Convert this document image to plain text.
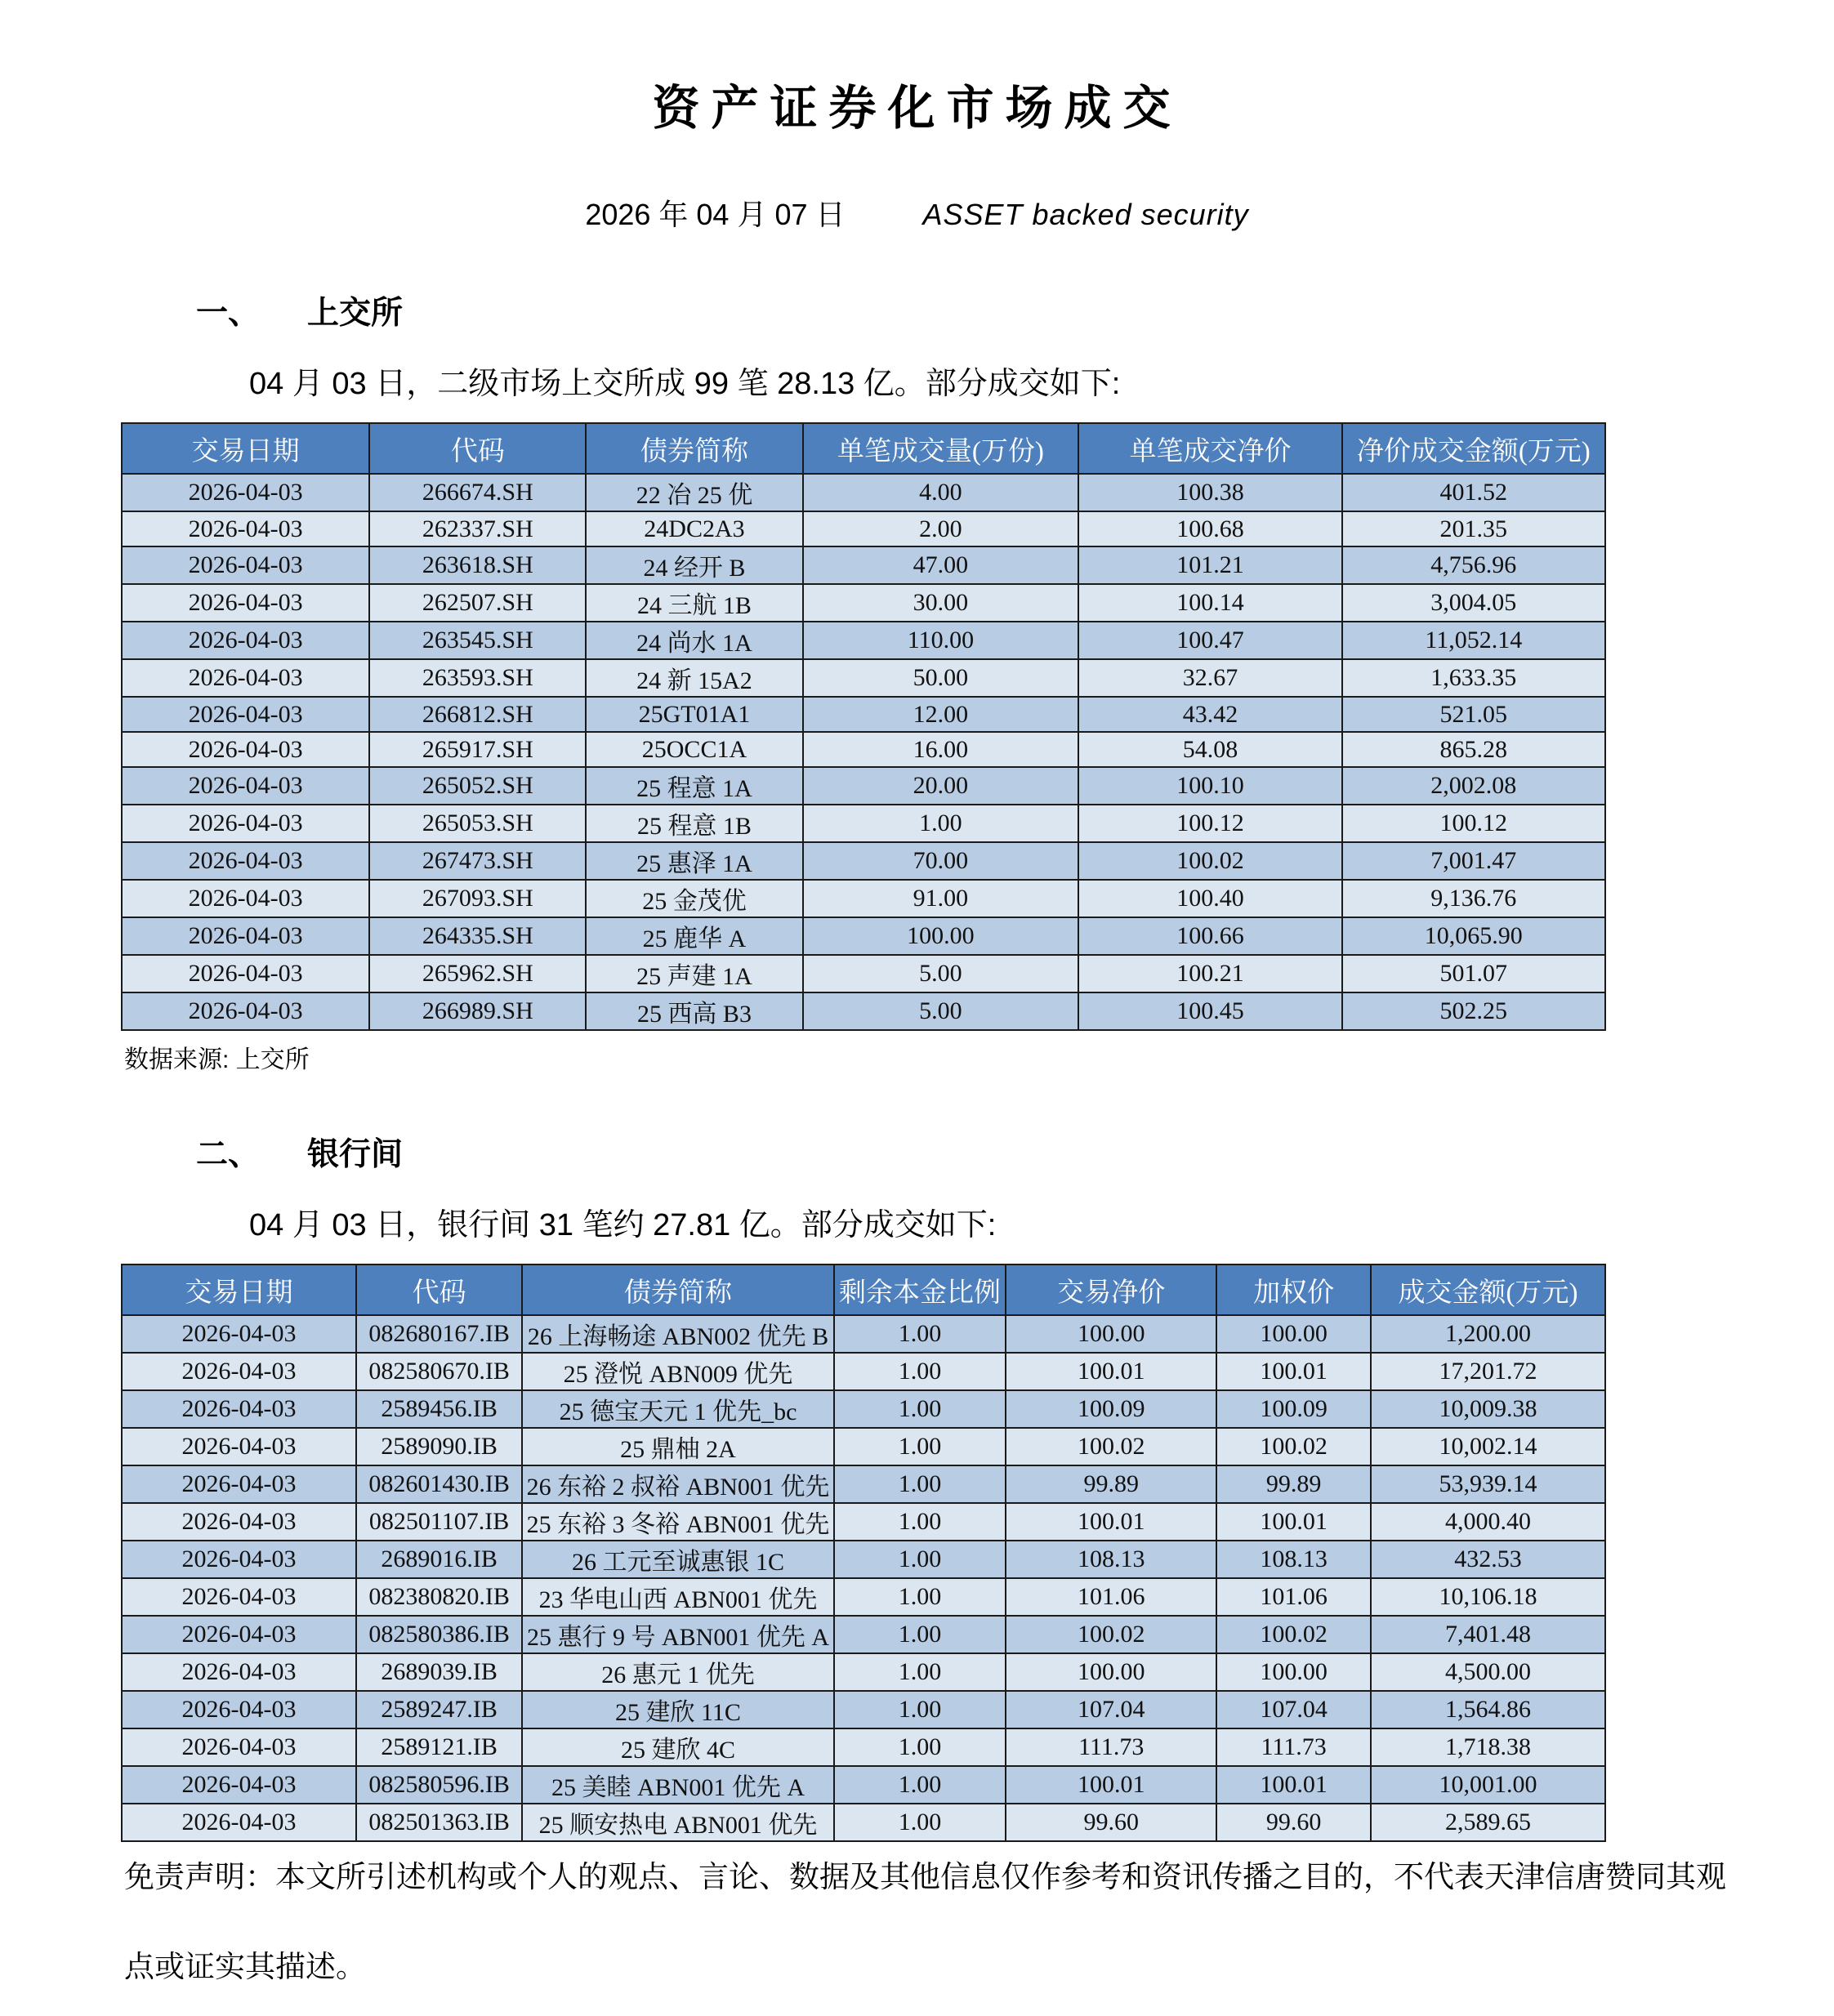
资产证券化市场成交
2026 年 04 月 07 日	ASSET backed security
一、 上交所

04 月 03 日，二级市场上交所成 99 笔 28.13 亿。部分成交如下:

交易日期	代码	债券简称	单笔成交量(万份)	单笔成交净价	净价成交金额(万元)
2026-04-03	266674.SH	22 冶 25 优	4.00	100.38	401.52
2026-04-03	262337.SH	24DC2A3	2.00	100.68	201.35
2026-04-03	263618.SH	24 经开 B	47.00	101.21	4,756.96
2026-04-03	262507.SH	24 三航 1B	30.00	100.14	3,004.05
2026-04-03	263545.SH	24 尚水 1A	110.00	100.47	11,052.14
2026-04-03	263593.SH	24 新 15A2	50.00	32.67	1,633.35
2026-04-03	266812.SH	25GT01A1	12.00	43.42	521.05
2026-04-03	265917.SH	25OCC1A	16.00	54.08	865.28
2026-04-03	265052.SH	25 程意 1A	20.00	100.10	2,002.08
2026-04-03	265053.SH	25 程意 1B	1.00	100.12	100.12
2026-04-03	267473.SH	25 惠泽 1A	70.00	100.02	7,001.47
2026-04-03	267093.SH	25 金茂优	91.00	100.40	9,136.76
2026-04-03	264335.SH	25 鹿华 A	100.00	100.66	10,065.90
2026-04-03	265962.SH	25 声建 1A	5.00	100.21	501.07
2026-04-03	266989.SH	25 西高 B3	5.00	100.45	502.25
数据来源: 上交所
二、 银行间

04 月 03 日，银行间 31 笔约 27.81 亿。部分成交如下:

交易日期	代码	债券简称	剩余本金比例	交易净价	加权价	成交金额(万元)
2026-04-03	082680167.IB	26 上海畅途 ABN002 优先 B	1.00	100.00	100.00	1,200.00
2026-04-03	082580670.IB	25 澄悦 ABN009 优先	1.00	100.01	100.01	17,201.72
2026-04-03	2589456.IB	25 德宝天元 1 优先_bc	1.00	100.09	100.09	10,009.38
2026-04-03	2589090.IB	25 鼎柚 2A	1.00	100.02	100.02	10,002.14
2026-04-03	082601430.IB	26 东裕 2 叔裕 ABN001 优先	1.00	99.89	99.89	53,939.14
2026-04-03	082501107.IB	25 东裕 3 冬裕 ABN001 优先	1.00	100.01	100.01	4,000.40
2026-04-03	2689016.IB	26 工元至诚惠银 1C	1.00	108.13	108.13	432.53
2026-04-03	082380820.IB	23 华电山西 ABN001 优先	1.00	101.06	101.06	10,106.18
2026-04-03	082580386.IB	25 惠行 9 号 ABN001 优先 A	1.00	100.02	100.02	7,401.48
2026-04-03	2689039.IB	26 惠元 1 优先	1.00	100.00	100.00	4,500.00
2026-04-03	2589247.IB	25 建欣 11C	1.00	107.04	107.04	1,564.86
2026-04-03	2589121.IB	25 建欣 4C	1.00	111.73	111.73	1,718.38
2026-04-03	082580596.IB	25 美睦 ABN001 优先 A	1.00	100.01	100.01	10,001.00
2026-04-03	082501363.IB	25 顺安热电 ABN001 优先	1.00	99.60	99.60	2,589.65
免责声明：本文所引述机构或个人的观点、言论、数据及其他信息仅作参考和资讯传播之目的，不代表天津信唐赞同其观
点或证实其描述。
